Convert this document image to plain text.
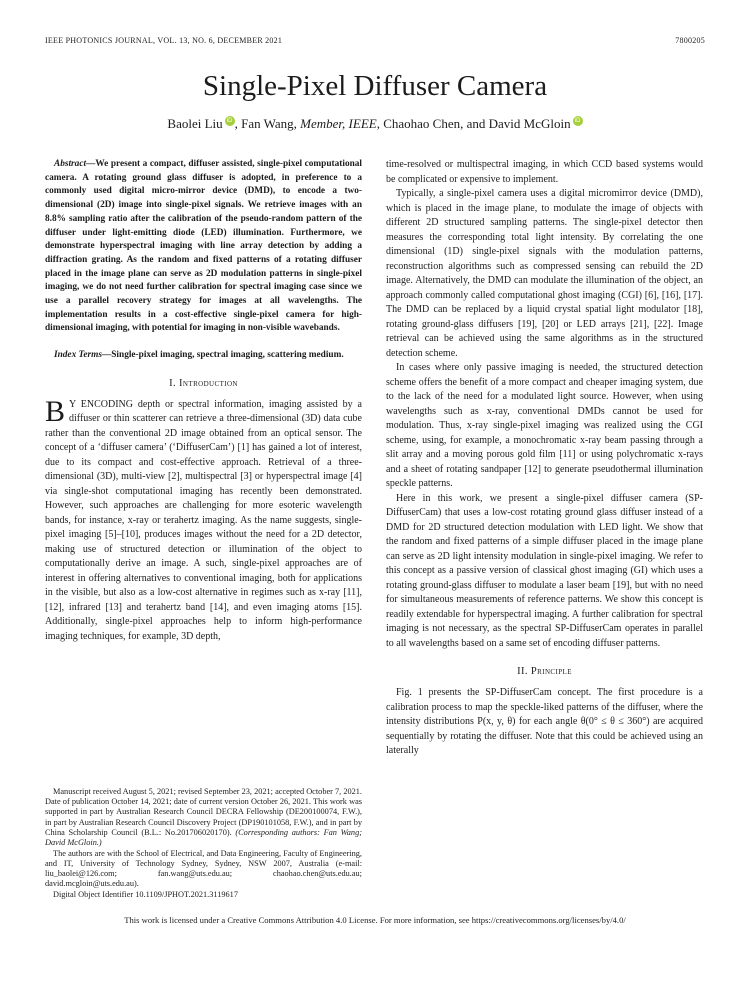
IEEE PHOTONICS JOURNAL, VOL. 13, NO. 6, DECEMBER 2021	7800205
Single-Pixel Diffuser Camera
Baolei Liu iD , Fan Wang, Member, IEEE, Chaohao Chen, and David McGloin iD

Abstract—We present a compact, diffuser assisted, single-pixel computational camera. A rotating ground glass diffuser is adopted, in preference to a commonly used digital micro-mirror device (DMD), to encode a two-dimensional (2D) image into single-pixel signals. We retrieve images with an 8.8% sampling ratio after the calibration of the pseudo-random pattern of the diffuser under light-emitting diode (LED) illumination. Furthermore, we demonstrate hyperspectral imaging with line array detection by adding a diffraction grating. As the random and fixed patterns of a rotating diffuser placed in the image plane can serve as 2D modulation patterns in single-pixel imaging, we do not need further calibration for spectral imaging case since we use a parallel recovery strategy for images at all wavelengths. The implementation results in a cost-effective single-pixel camera for high-dimensional imaging, with potential for imaging in non-visible wavebands.

Index Terms—Single-pixel imaging, spectral imaging, scattering medium.

I. Introduction

B Y ENCODING depth or spectral information, imaging assisted by a diffuser or thin scatterer can retrieve a three-dimensional (3D) data cube rather than the conventional 2D image obtained from an optical sensor. The concept of a ‘diffuser camera’ (‘DiffuserCam’) [1] has gained a lot of interest, due to its compact and cost-effective approach. Retrieval of a three-dimensional (3D), multi-view [2], multispectral [3] or hyperspectral image [4] via single-shot computational imaging has recently been demonstrated. However, such approaches are challenging for more esoteric wavelength bands, for instance, x-ray or terahertz imaging. As the name suggests, single-pixel imaging [5]–[10], produces images without the need for a 2D detector, making use of structured detection or illumination of the object to computationally derive an image. A such, single-pixel approaches are of interest in offering alternatives to conventional imaging, both for applications in the visible, but also as a low-cost alternative in regimes such as x-ray [11], [12], infrared [13] and terahertz band [14], and even imaging atoms [15]. Additionally, single-pixel approaches help to inform high-performance imaging techniques, for example, 3D depth,

Manuscript received August 5, 2021; revised September 23, 2021; accepted October 7, 2021. Date of publication October 14, 2021; date of current version October 26, 2021. This work was supported in part by Australian Research Council DECRA Fellowship (DE200100074, F.W.), in part by Australian Research Council Discovery Project (DP190101058, F.W.), and in part by China Scholarship Council (B.L.: No.201706020170). (Corresponding authors: Fan Wang; David McGloin.)

The authors are with the School of Electrical, and Data Engineering, Faculty of Engineering, and IT, University of Technology Sydney, Sydney, NSW 2007, Australia (e-mail: liu_baolei@126.com; fan.wang@uts.edu.au; chaohao.chen@uts.edu.au; david.mcgloin@uts.edu.au).

Digital Object Identifier 10.1109/JPHOT.2021.3119617

time-resolved or multispectral imaging, in which CCD based systems would be complicated or expensive to implement.

Typically, a single-pixel camera uses a digital micromirror device (DMD), which is placed in the image plane, to modulate the image of objects with different 2D structured sampling patterns. The single-pixel detector then measures the corresponding total light intensity. By correlating the one dimensional (1D) single-pixel signals with the modulation patterns, reconstruction algorithms such as compressed sensing can rebuild the 2D image. Alternatively, the DMD can modulate the illumination of the object, an approach commonly called computational ghost imaging (CGI) [6], [16], [17]. The DMD can be replaced by a liquid crystal spatial light modulator [18], rotating ground-glass diffusers [19], [20] or LED arrays [21], [22]. Image retrieval can be achieved using the same algorithms as in the structured detection scheme.

In cases where only passive imaging is needed, the structured detection scheme offers the benefit of a more compact and cheaper imaging system, due to the lack of the need for a modulated light source. However, when using wavelengths such as x-ray, conventional DMDs cannot be used for modulation. Thus, x-ray single-pixel imaging was realized using the CGI scheme, using, for example, a monochromatic x-ray beam passing through a slit array and a moving porous gold film [11] or using polychromatic x-rays and a sheet of rotating sandpaper [12] to generate pseudothermal illumination speckle patterns.

Here in this work, we present a single-pixel diffuser camera (SP-DiffuserCam) that uses a low-cost rotating ground glass diffuser instead of a DMD for 2D structured detection modulation with LED light. We show that the random and fixed patterns of a simple diffuser placed in the image plane can serve as 2D light intensity modulation in single-pixel imaging. We refer to this concept as a passive version of classical ghost imaging (GI) which uses a rotating ground-glass diffuser to modulate a laser beam [19], but with no need for simultaneous measurements of reference patterns. We show this concept is readily extendable for hyperspectral imaging. A further calibration for spectral imaging is not necessary, as the spectral SP-DiffuserCam operates in parallel to all wavelengths based on a same set of encoding diffuser patterns.

II. Principle

Fig. 1 presents the SP-DiffuserCam concept. The first procedure is a calibration process to map the speckle-liked patterns of the diffuser, where the intensity distributions P(x, y, θ) for each angle θ(0° ≤ θ ≤ 360°) are acquired sequentially by rotating the diffuser. Note that this could be achieved using an laterally

This work is licensed under a Creative Commons Attribution 4.0 License. For more information, see https://creativecommons.org/licenses/by/4.0/
